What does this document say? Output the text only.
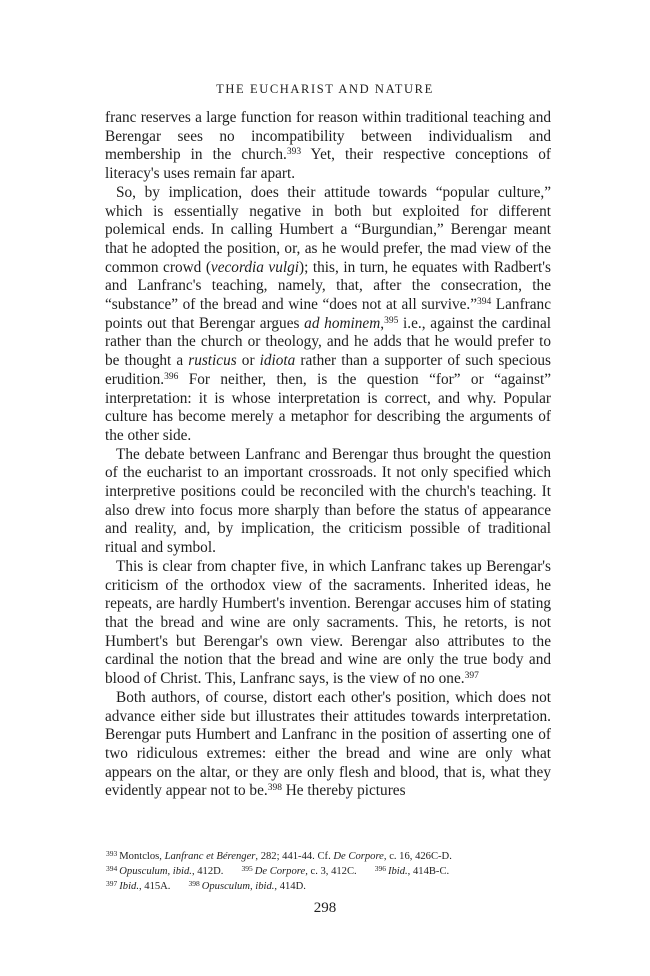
THE EUCHARIST AND NATURE

franc reserves a large function for reason within traditional teaching and Berengar sees no incompatibility between individualism and membership in the church.$^{393}$ Yet, their respective conceptions of literacy's uses remain far apart.

So, by implication, does their attitude towards “popular culture,” which is essentially negative in both but exploited for different polemical ends. In calling Humbert a “Burgundian,” Berengar meant that he adopted the position, or, as he would prefer, the mad view of the common crowd (vecordia vulgi); this, in turn, he equates with Radbert's and Lanfranc's teaching, namely, that, after the consecration, the “substance” of the bread and wine “does not at all survive.”$^{394}$ Lanfranc points out that Berengar argues ad hominem,$^{395}$ i.e., against the cardinal rather than the church or theology, and he adds that he would prefer to be thought a rusticus or idiota rather than a supporter of such specious erudition.$^{396}$ For neither, then, is the question “for” or “against” interpretation: it is whose interpretation is correct, and why. Popular culture has become merely a metaphor for describing the arguments of the other side.

The debate between Lanfranc and Berengar thus brought the question of the eucharist to an important crossroads. It not only specified which interpretive positions could be reconciled with the church's teaching. It also drew into focus more sharply than before the status of appearance and reality, and, by implication, the criticism possible of traditional ritual and symbol.

This is clear from chapter five, in which Lanfranc takes up Berengar's criticism of the orthodox view of the sacraments. Inherited ideas, he repeats, are hardly Humbert's invention. Berengar accuses him of stating that the bread and wine are only sacraments. This, he retorts, is not Humbert's but Berengar's own view. Berengar also attributes to the cardinal the notion that the bread and wine are only the true body and blood of Christ. This, Lanfranc says, is the view of no one.$^{397}$

Both authors, of course, distort each other's position, which does not advance either side but illustrates their attitudes towards interpretation. Berengar puts Humbert and Lanfranc in the position of asserting one of two ridiculous extremes: either the bread and wine are only what appears on the altar, or they are only flesh and blood, that is, what they evidently appear not to be.$^{398}$ He thereby pictures

$^{393}$ Montclos, Lanfranc et Bérenger, 282; 441-44. Cf. De Corpore, c. 16, 426C-D.
$^{394}$ Opusculum, ibid., 412D. $^{395}$ De Corpore, c. 3, 412C. $^{396}$ Ibid., 414B-C.
$^{397}$ Ibid., 415A. $^{398}$ Opusculum, ibid., 414D.
298
